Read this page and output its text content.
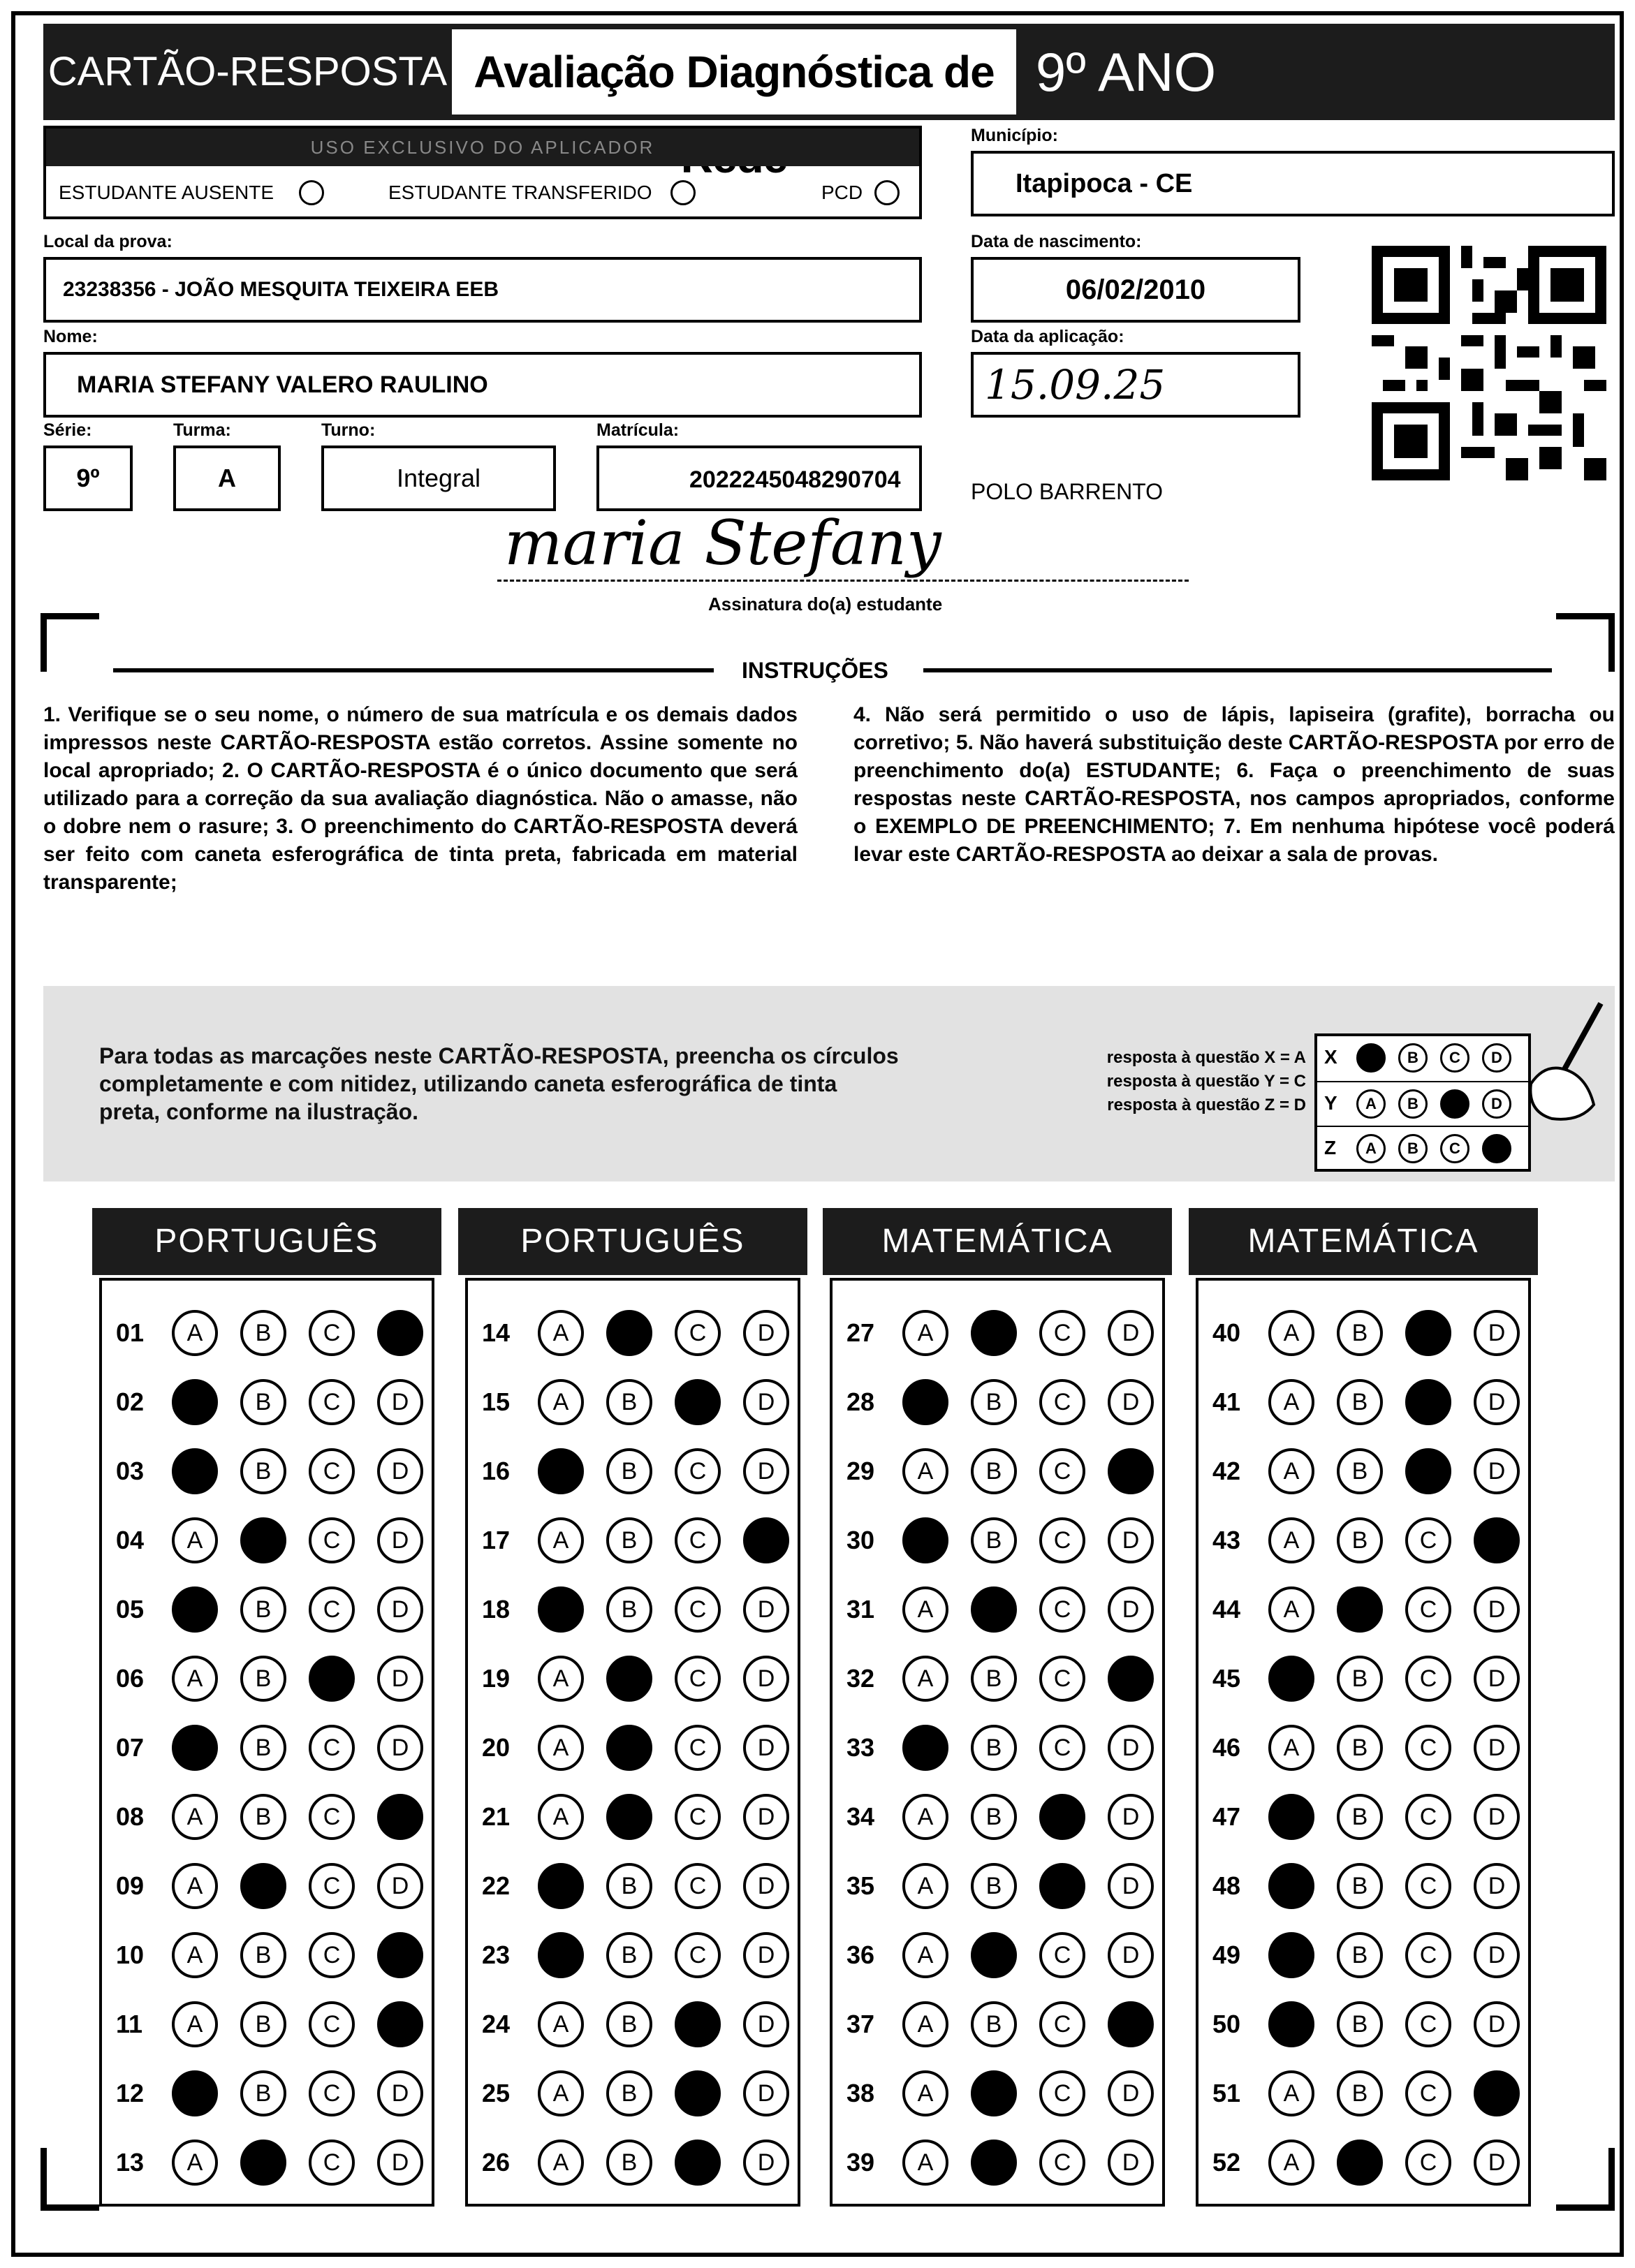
CARTÃO-RESPOSTA Avaliação Diagnóstica de 9º ANO
USO EXCLUSIVO DO APLICADOR
ESTUDANTE AUSENTE	ESTUDANTE TRANSFERIDO	PCD
Município:
Itapipoca - CE
Local da prova:
23238356 - JOÃO MESQUITA TEIXEIRA EEB
Data de nascimento:
06/02/2010
Nome:
MARIA STEFANY VALERO RAULINO
Data da aplicação:
15.09.25
Série:
9º
Turma:
A
Turno:
Integral
Matrícula:
2022245048290704	POLO BARRENTO
maria Stefany
Assinatura do(a) estudante
INSTRUÇÕES
1. Verifique se o seu nome, o número de sua matrícula e os demais dados impressos neste CARTÃO-RESPOSTA estão corretos. Assine somente no local apropriado; 2. O CARTÃO-RESPOSTA é o único documento que será utilizado para a correção da sua avaliação diagnóstica. Não o amasse, não o dobre nem o rasure; 3. O preenchimento do CARTÃO-RESPOSTA deverá ser feito com caneta esferográfica de tinta preta, fabricada em material transparente;
4. Não será permitido o uso de lápis, lapiseira (grafite), borracha ou corretivo; 5. Não haverá substituição deste CARTÃO-RESPOSTA por erro de preenchimento do(a) ESTUDANTE; 6. Faça o preenchimento de suas respostas neste CARTÃO-RESPOSTA, nos campos apropriados, conforme o EXEMPLO DE PREENCHIMENTO; 7. Em nenhuma hipótese você poderá levar este CARTÃO-RESPOSTA ao deixar a sala de provas.
Para todas as marcações neste CARTÃO-RESPOSTA, preencha os círculos completamente e com nitidez, utilizando caneta esferográfica de tinta preta, conforme na ilustração.
resposta à questão X = A
resposta à questão Y = C
resposta à questão Z = D
X	A	B	C	D
Y	A	B	C	D
Z	A	B	C	D
PORTUGUÊS
01	A	B	C	D
02	A	B	C	D
03	A	B	C	D
04	A	B	C	D
05	A	B	C	D
06	A	B	C	D
07	A	B	C	D
08	A	B	C	D
09	A	B	C	D
10	A	B	C	D
11	A	B	C	D
12	A	B	C	D
13	A	B	C	D
PORTUGUÊS
14	A	B	C	D
15	A	B	C	D
16	A	B	C	D
17	A	B	C	D
18	A	B	C	D
19	A	B	C	D
20	A	B	C	D
21	A	B	C	D
22	A	B	C	D
23	A	B	C	D
24	A	B	C	D
25	A	B	C	D
26	A	B	C	D
MATEMÁTICA
27	A	B	C	D
28	A	B	C	D
29	A	B	C	D
30	A	B	C	D
31	A	B	C	D
32	A	B	C	D
33	A	B	C	D
34	A	B	C	D
35	A	B	C	D
36	A	B	C	D
37	A	B	C	D
38	A	B	C	D
39	A	B	C	D
MATEMÁTICA
40	A	B	C	D
41	A	B	C	D
42	A	B	C	D
43	A	B	C	D
44	A	B	C	D
45	A	B	C	D
46	A	B	C	D
47	A	B	C	D
48	A	B	C	D
49	A	B	C	D
50	A	B	C	D
51	A	B	C	D
52	A	B	C	D
